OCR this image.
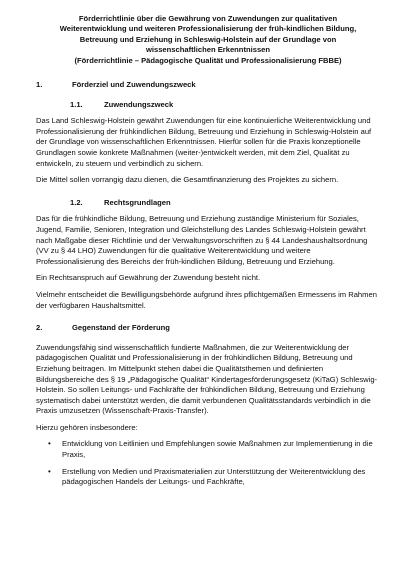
Förderrichtlinie über die Gewährung von Zuwendungen zur qualitativen
Weiterentwicklung und weiteren Professionalisierung der früh-kindlichen Bildung,
Betreuung und Erziehung in Schleswig-Holstein auf der Grundlage von
wissenschaftlichen Erkenntnissen
(Förderrichtlinie – Pädagogische Qualität und Professionalisierung FBBE)
1.	Förderziel und Zuwendungszweck
1.1.	Zuwendungszweck

Das Land Schleswig-Holstein gewährt Zuwendungen für eine kontinuierliche Weiterentwicklung und Professionalisierung der frühkindlichen Bildung, Betreuung und Erziehung in Schleswig-Holstein auf der Grundlage von wissenschaftlichen Erkenntnissen. Hierfür sollen für die Praxis konzeptionelle Grundlagen sowie konkrete Maßnahmen (weiter-)entwickelt werden, mit dem Ziel, Qualität zu entwickeln, zu steuern und verbindlich zu sichern.

Die Mittel sollen vorrangig dazu dienen, die Gesamtfinanzierung des Projektes zu sichern.

1.2.	Rechtsgrundlagen

Das für die frühkindliche Bildung, Betreuung und Erziehung zuständige Ministerium für Soziales, Jugend, Familie, Senioren, Integration und Gleichstellung des Landes Schleswig-Holstein gewährt nach Maßgabe dieser Richtlinie und der Verwaltungsvorschriften zu § 44 Landeshaushaltsordnung (VV zu § 44 LHO) Zuwendungen für die qualitative Weiterentwicklung und weitere Professionalisierung des Bereichs der früh-kindlichen Bildung, Betreuung und Erziehung.

Ein Rechtsanspruch auf Gewährung der Zuwendung besteht nicht.

Vielmehr entscheidet die Bewilligungsbehörde aufgrund ihres pflichtgemäßen Ermessens im Rahmen der verfügbaren Haushaltsmittel.

2.	Gegenstand der Förderung

Zuwendungsfähig sind wissenschaftlich fundierte Maßnahmen, die zur Weiterentwicklung der pädagogischen Qualität und Professionalisierung in der frühkindlichen Bildung, Betreuung und Erziehung beitragen. Im Mittelpunkt stehen dabei die Qualitätsthemen und definierten Bildungsbereiche des § 19 „Pädagogische Qualität“ Kindertagesförderungsgesetz (KiTaG) Schleswig-Holstein. So sollen Leitungs- und Fachkräfte der frühkindlichen Bildung, Betreuung und Erziehung systematisch dabei unterstützt werden, die damit verbundenen Qualitätsstandards verbindlich in die Praxis umzusetzen (Wissenschaft-Praxis-Transfer).

Hierzu gehören insbesondere:

•	Entwicklung von Leitlinien und Empfehlungen sowie Maßnahmen zur Implementierung in die Praxis,
•	Erstellung von Medien und Praxismaterialien zur Unterstützung der Weiterentwicklung des pädagogischen Handels der Leitungs- und Fachkräfte,
